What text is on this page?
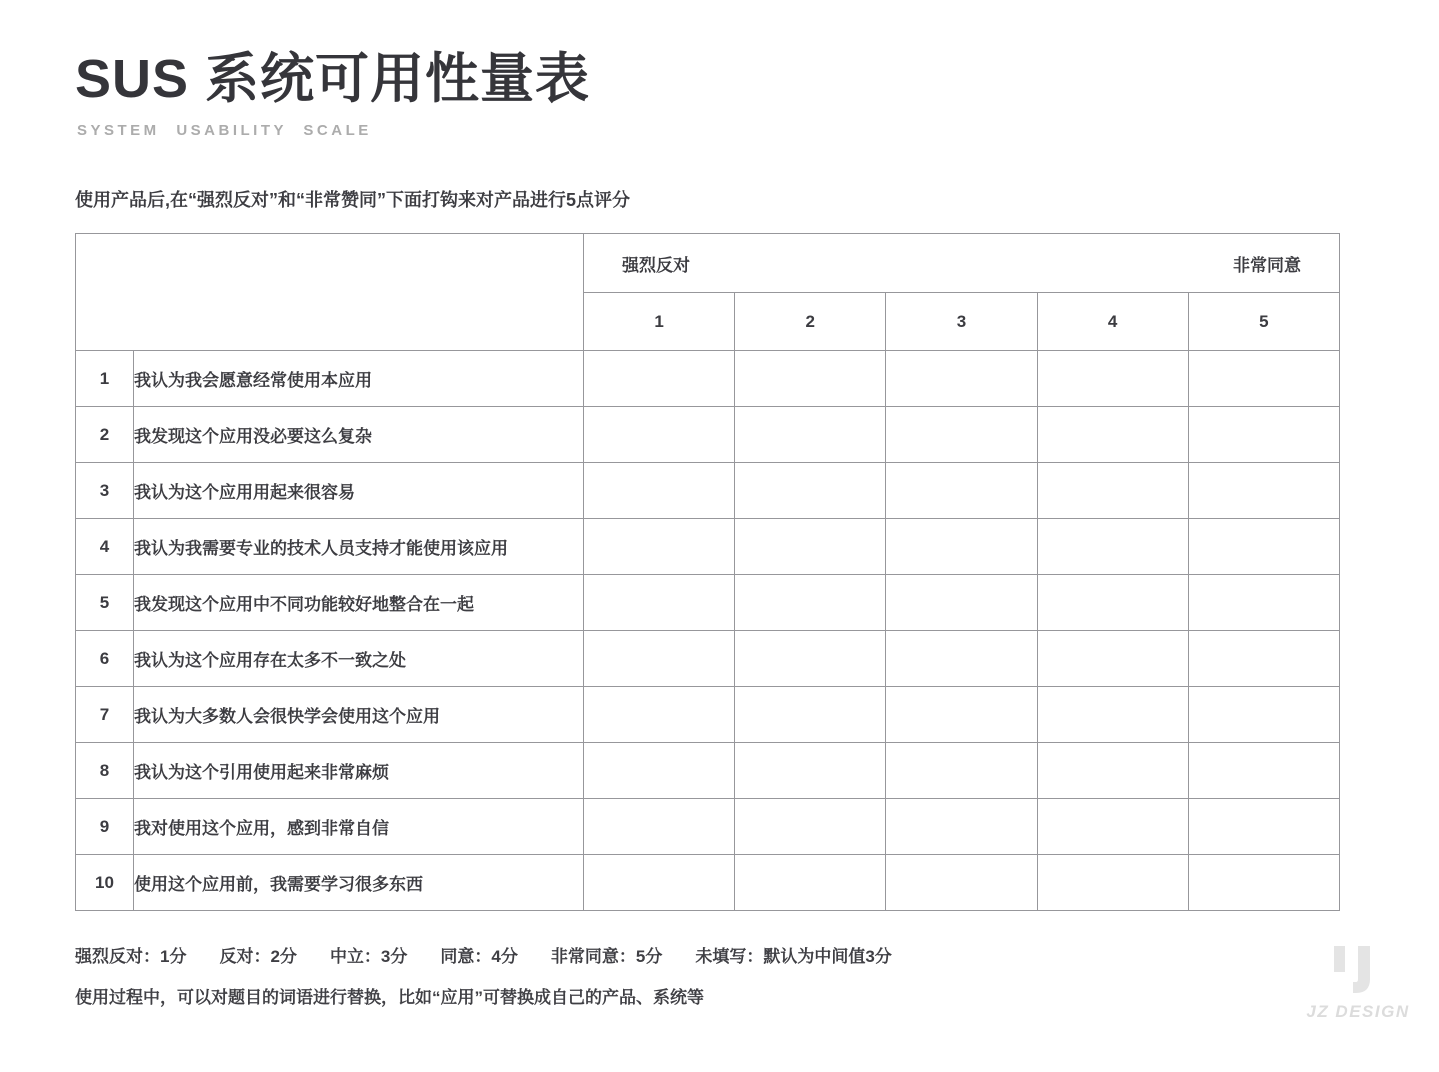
SUS 系统可用性量表
SYSTEM USABILITY SCALE
使用产品后,在“强烈反对”和“非常赞同”下面打钩来对产品进行5点评分

		强烈反对 非常同意				

		1	2	3	4	5
1	我认为我会愿意经常使用本应用					
2	我发现这个应用没必要这么复杂					
3	我认为这个应用用起来很容易					
4	我认为我需要专业的技术人员支持才能使用该应用					
5	我发现这个应用中不同功能较好地整合在一起					
6	我认为这个应用存在太多不一致之处					
7	我认为大多数人会很快学会使用这个应用					
8	我认为这个引用使用起来非常麻烦					
9	我对使用这个应用，感到非常自信					
10	使用这个应用前，我需要学习很多东西					
强烈反对：1分 反对：2分 中立：3分 同意：4分 非常同意：5分 未填写：默认为中间值3分
使用过程中，可以对题目的词语进行替换，比如“应用”可替换成自己的产品、系统等
JZ DESIGN
